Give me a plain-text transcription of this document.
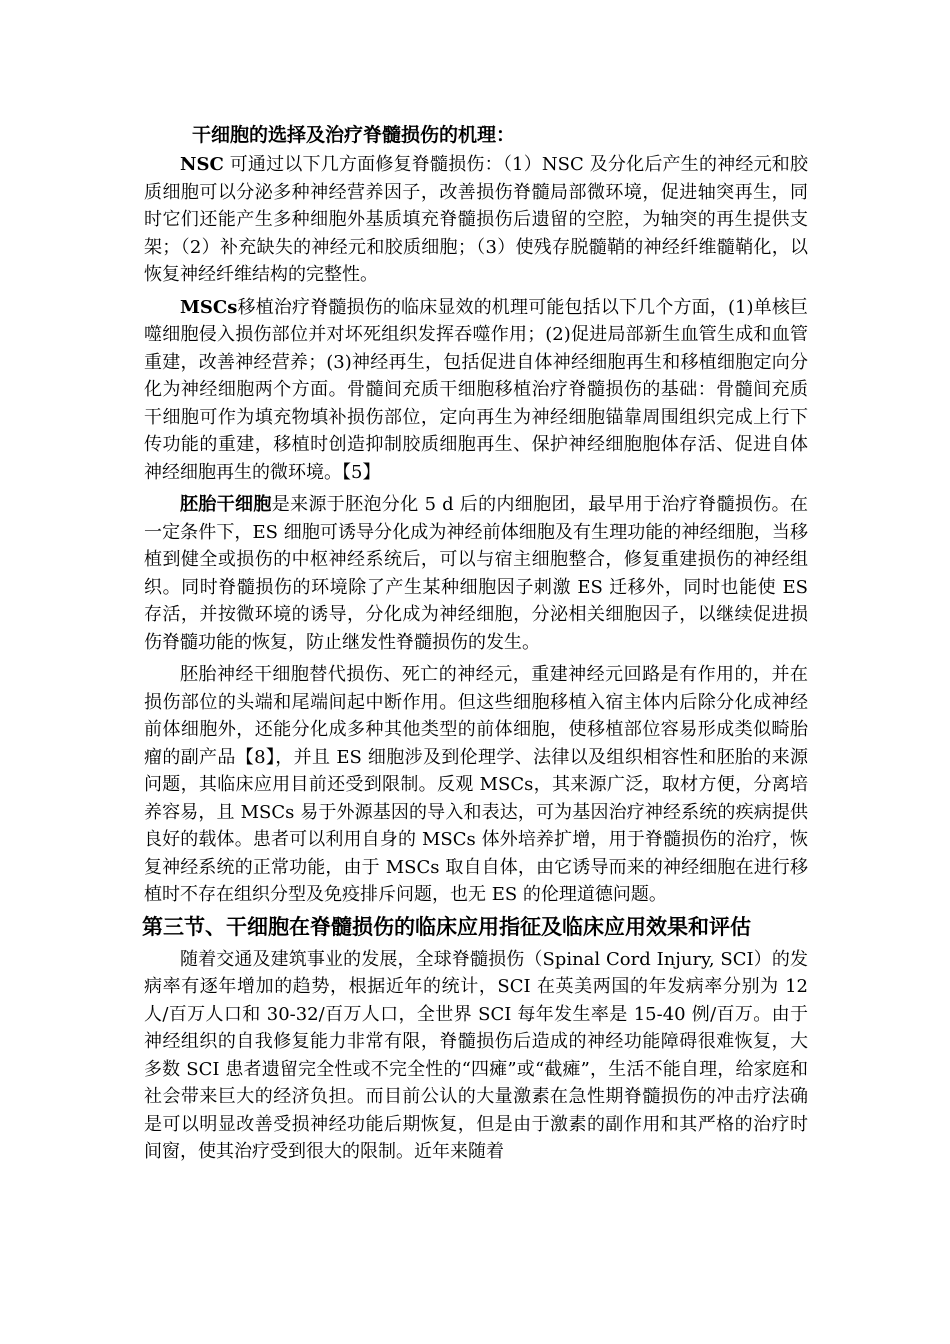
干细胞的选择及治疗脊髓损伤的机理：

NSC 可通过以下几方面修复脊髓损伤：（1）NSC 及分化后产生的神经元和胶质细胞可以分泌多种神经营养因子，改善损伤脊髓局部微环境，促进轴突再生，同时它们还能产生多种细胞外基质填充脊髓损伤后遗留的空腔，为轴突的再生提供支架；（2）补充缺失的神经元和胶质细胞；（3）使残存脱髓鞘的神经纤维髓鞘化，以恢复神经纤维结构的完整性。

MSCs移植治疗脊髓损伤的临床显效的机理可能包括以下几个方面，(1)单核巨噬细胞侵入损伤部位并对坏死组织发挥吞噬作用；(2)促进局部新生血管生成和血管重建，改善神经营养；(3)神经再生，包括促进自体神经细胞再生和移植细胞定向分化为神经细胞两个方面。骨髓间充质干细胞移植治疗脊髓损伤的基础：骨髓间充质干细胞可作为填充物填补损伤部位，定向再生为神经细胞锚靠周围组织完成上行下传功能的重建，移植时创造抑制胶质细胞再生、保护神经细胞胞体存活、促进自体神经细胞再生的微环境。【5】

胚胎干细胞是来源于胚泡分化 5 d 后的内细胞团，最早用于治疗脊髓损伤。在一定条件下，ES 细胞可诱导分化成为神经前体细胞及有生理功能的神经细胞，当移植到健全或损伤的中枢神经系统后，可以与宿主细胞整合，修复重建损伤的神经组织。同时脊髓损伤的环境除了产生某种细胞因子刺激 ES 迁移外，同时也能使 ES 存活，并按微环境的诱导，分化成为神经细胞，分泌相关细胞因子，以继续促进损伤脊髓功能的恢复，防止继发性脊髓损伤的发生。

胚胎神经干细胞替代损伤、死亡的神经元，重建神经元回路是有作用的，并在损伤部位的头端和尾端间起中断作用。但这些细胞移植入宿主体内后除分化成神经前体细胞外，还能分化成多种其他类型的前体细胞，使移植部位容易形成类似畸胎瘤的副产品【8】，并且 ES 细胞涉及到伦理学、法律以及组织相容性和胚胎的来源问题，其临床应用目前还受到限制。反观 MSCs，其来源广泛，取材方便，分离培养容易，且 MSCs 易于外源基因的导入和表达，可为基因治疗神经系统的疾病提供良好的载体。患者可以利用自身的 MSCs 体外培养扩增，用于脊髓损伤的治疗，恢复神经系统的正常功能，由于 MSCs 取自自体，由它诱导而来的神经细胞在进行移植时不存在组织分型及免疫排斥问题，也无 ES 的伦理道德问题。

第三节、干细胞在脊髓损伤的临床应用指征及临床应用效果和评估

随着交通及建筑事业的发展，全球脊髓损伤（Spinal Cord Injury, SCI）的发病率有逐年增加的趋势，根据近年的统计，SCI 在英美两国的年发病率分别为 12 人/百万人口和 30-32/百万人口，全世界 SCI 每年发生率是 15-40 例/百万。由于神经组织的自我修复能力非常有限，脊髓损伤后造成的神经功能障碍很难恢复，大多数 SCI 患者遗留完全性或不完全性的“四瘫”或“截瘫”，生活不能自理，给家庭和社会带来巨大的经济负担。而目前公认的大量激素在急性期脊髓损伤的冲击疗法确是可以明显改善受损神经功能后期恢复，但是由于激素的副作用和其严格的治疗时间窗，使其治疗受到很大的限制。近年来随着
